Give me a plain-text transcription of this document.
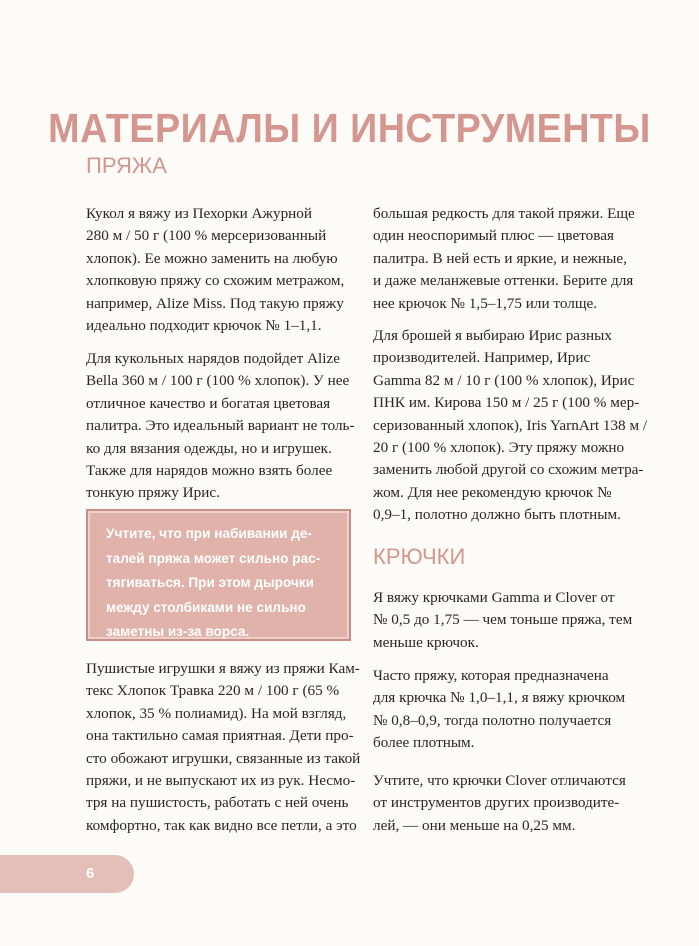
МАТЕРИАЛЫ И ИНСТРУМЕНТЫ
ПРЯЖА
Кукол я вяжу из Пехорки Ажурной
280 м / 50 г (100 % мерсеризованный
хлопок). Ее можно заменить на любую
хлопковую пряжу со схожим метражом,
например, Alize Miss. Под такую пряжу
идеально подходит крючок № 1–1,1.
Для кукольных нарядов подойдет Alize
Bella 360 м / 100 г (100 % хлопок). У нее
отличное качество и богатая цветовая
палитра. Это идеальный вариант не толь-
ко для вязания одежды, но и игрушек.
Также для нарядов можно взять более
тонкую пряжу Ирис.
Учтите, что при набивании де-
талей пряжа может сильно рас-
тягиваться. При этом дырочки
между столбиками не сильно
заметны из-за ворса.
Пушистые игрушки я вяжу из пряжи Кам-
текс Хлопок Травка 220 м / 100 г (65 %
хлопок, 35 % полиамид). На мой взгляд,
она тактильно самая приятная. Дети про-
сто обожают игрушки, связанные из такой
пряжи, и не выпускают их из рук. Несмо-
тря на пушистость, работать с ней очень
комфортно, так как видно все петли, а это
большая редкость для такой пряжи. Еще
один неоспоримый плюс — цветовая
палитра. В ней есть и яркие, и нежные,
и даже меланжевые оттенки. Берите для
нее крючок № 1,5–1,75 или толще.
Для брошей я выбираю Ирис разных
производителей. Например, Ирис
Gamma 82 м / 10 г (100 % хлопок), Ирис
ПНК им. Кирова 150 м / 25 г (100 % мер-
серизованный хлопок), Iris YarnArt 138 м /
20 г (100 % хлопок). Эту пряжу можно
заменить любой другой со схожим метра-
жом. Для нее рекомендую крючок №
0,9–1, полотно должно быть плотным.
КРЮЧКИ
Я вяжу крючками Gamma и Clover от
№ 0,5 до 1,75 — чем тоньше пряжа, тем
меньше крючок.
Часто пряжу, которая предназначена
для крючка № 1,0–1,1, я вяжу крючком
№ 0,8–0,9, тогда полотно получается
более плотным.
Учтите, что крючки Clover отличаются
от инструментов других производите-
лей, — они меньше на 0,25 мм.
6
